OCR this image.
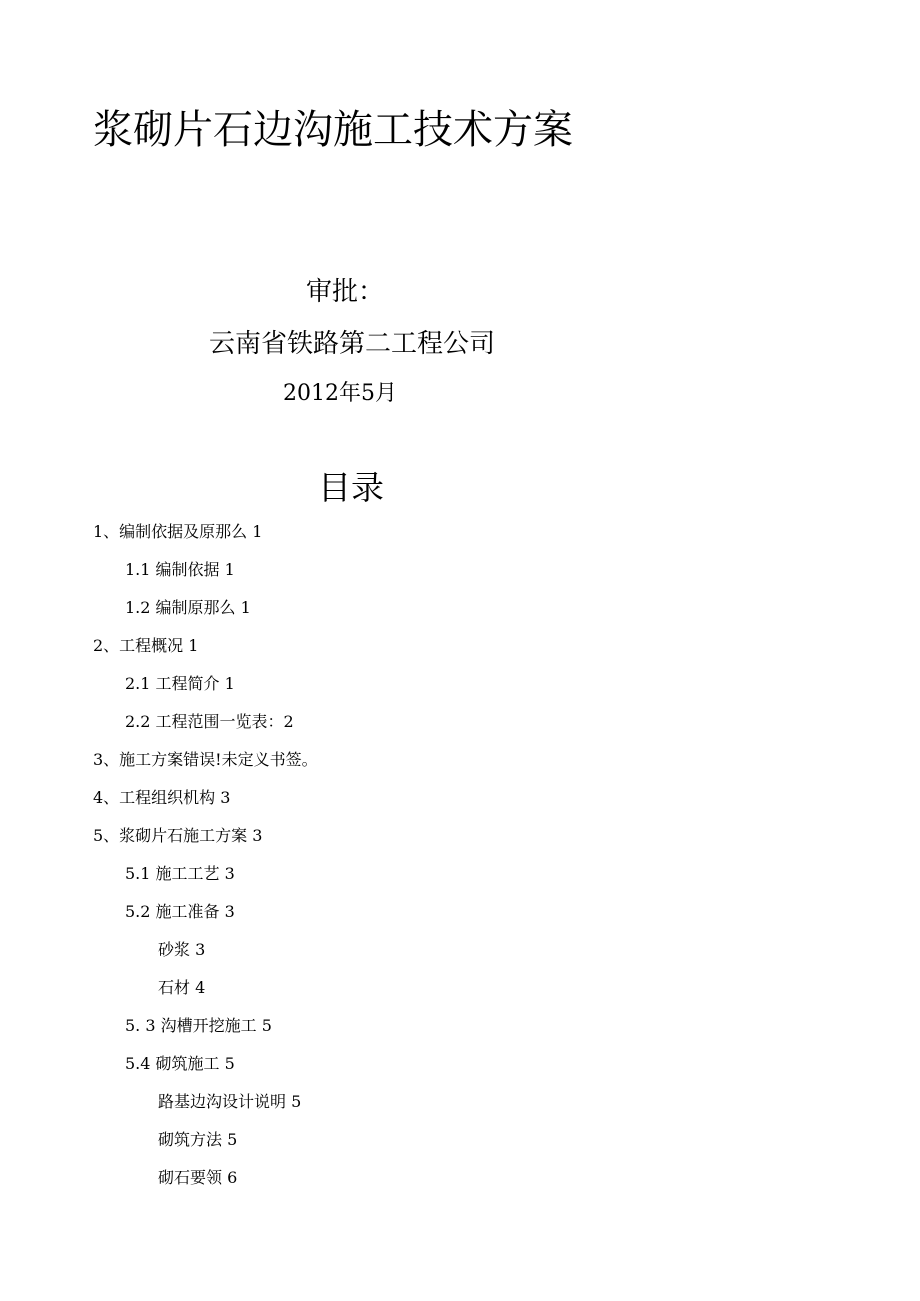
浆砌片石边沟施工技术方案
审批：
云南省铁路第二工程公司
2012年5月
目录
1、编制依据及原那么 1
1.1 编制依据 1
1.2 编制原那么 1
2、工程概况 1
2.1 工程简介 1
2.2 工程范围一览表：2
3、施工方案错误!未定义书签。
4、工程组织机构 3
5、浆砌片石施工方案 3
5.1 施工工艺 3
5.2 施工准备 3
砂浆 3
石材 4
5. 3 沟槽开挖施工 5
5.4 砌筑施工 5
路基边沟设计说明 5
砌筑方法 5
砌石要领 6
